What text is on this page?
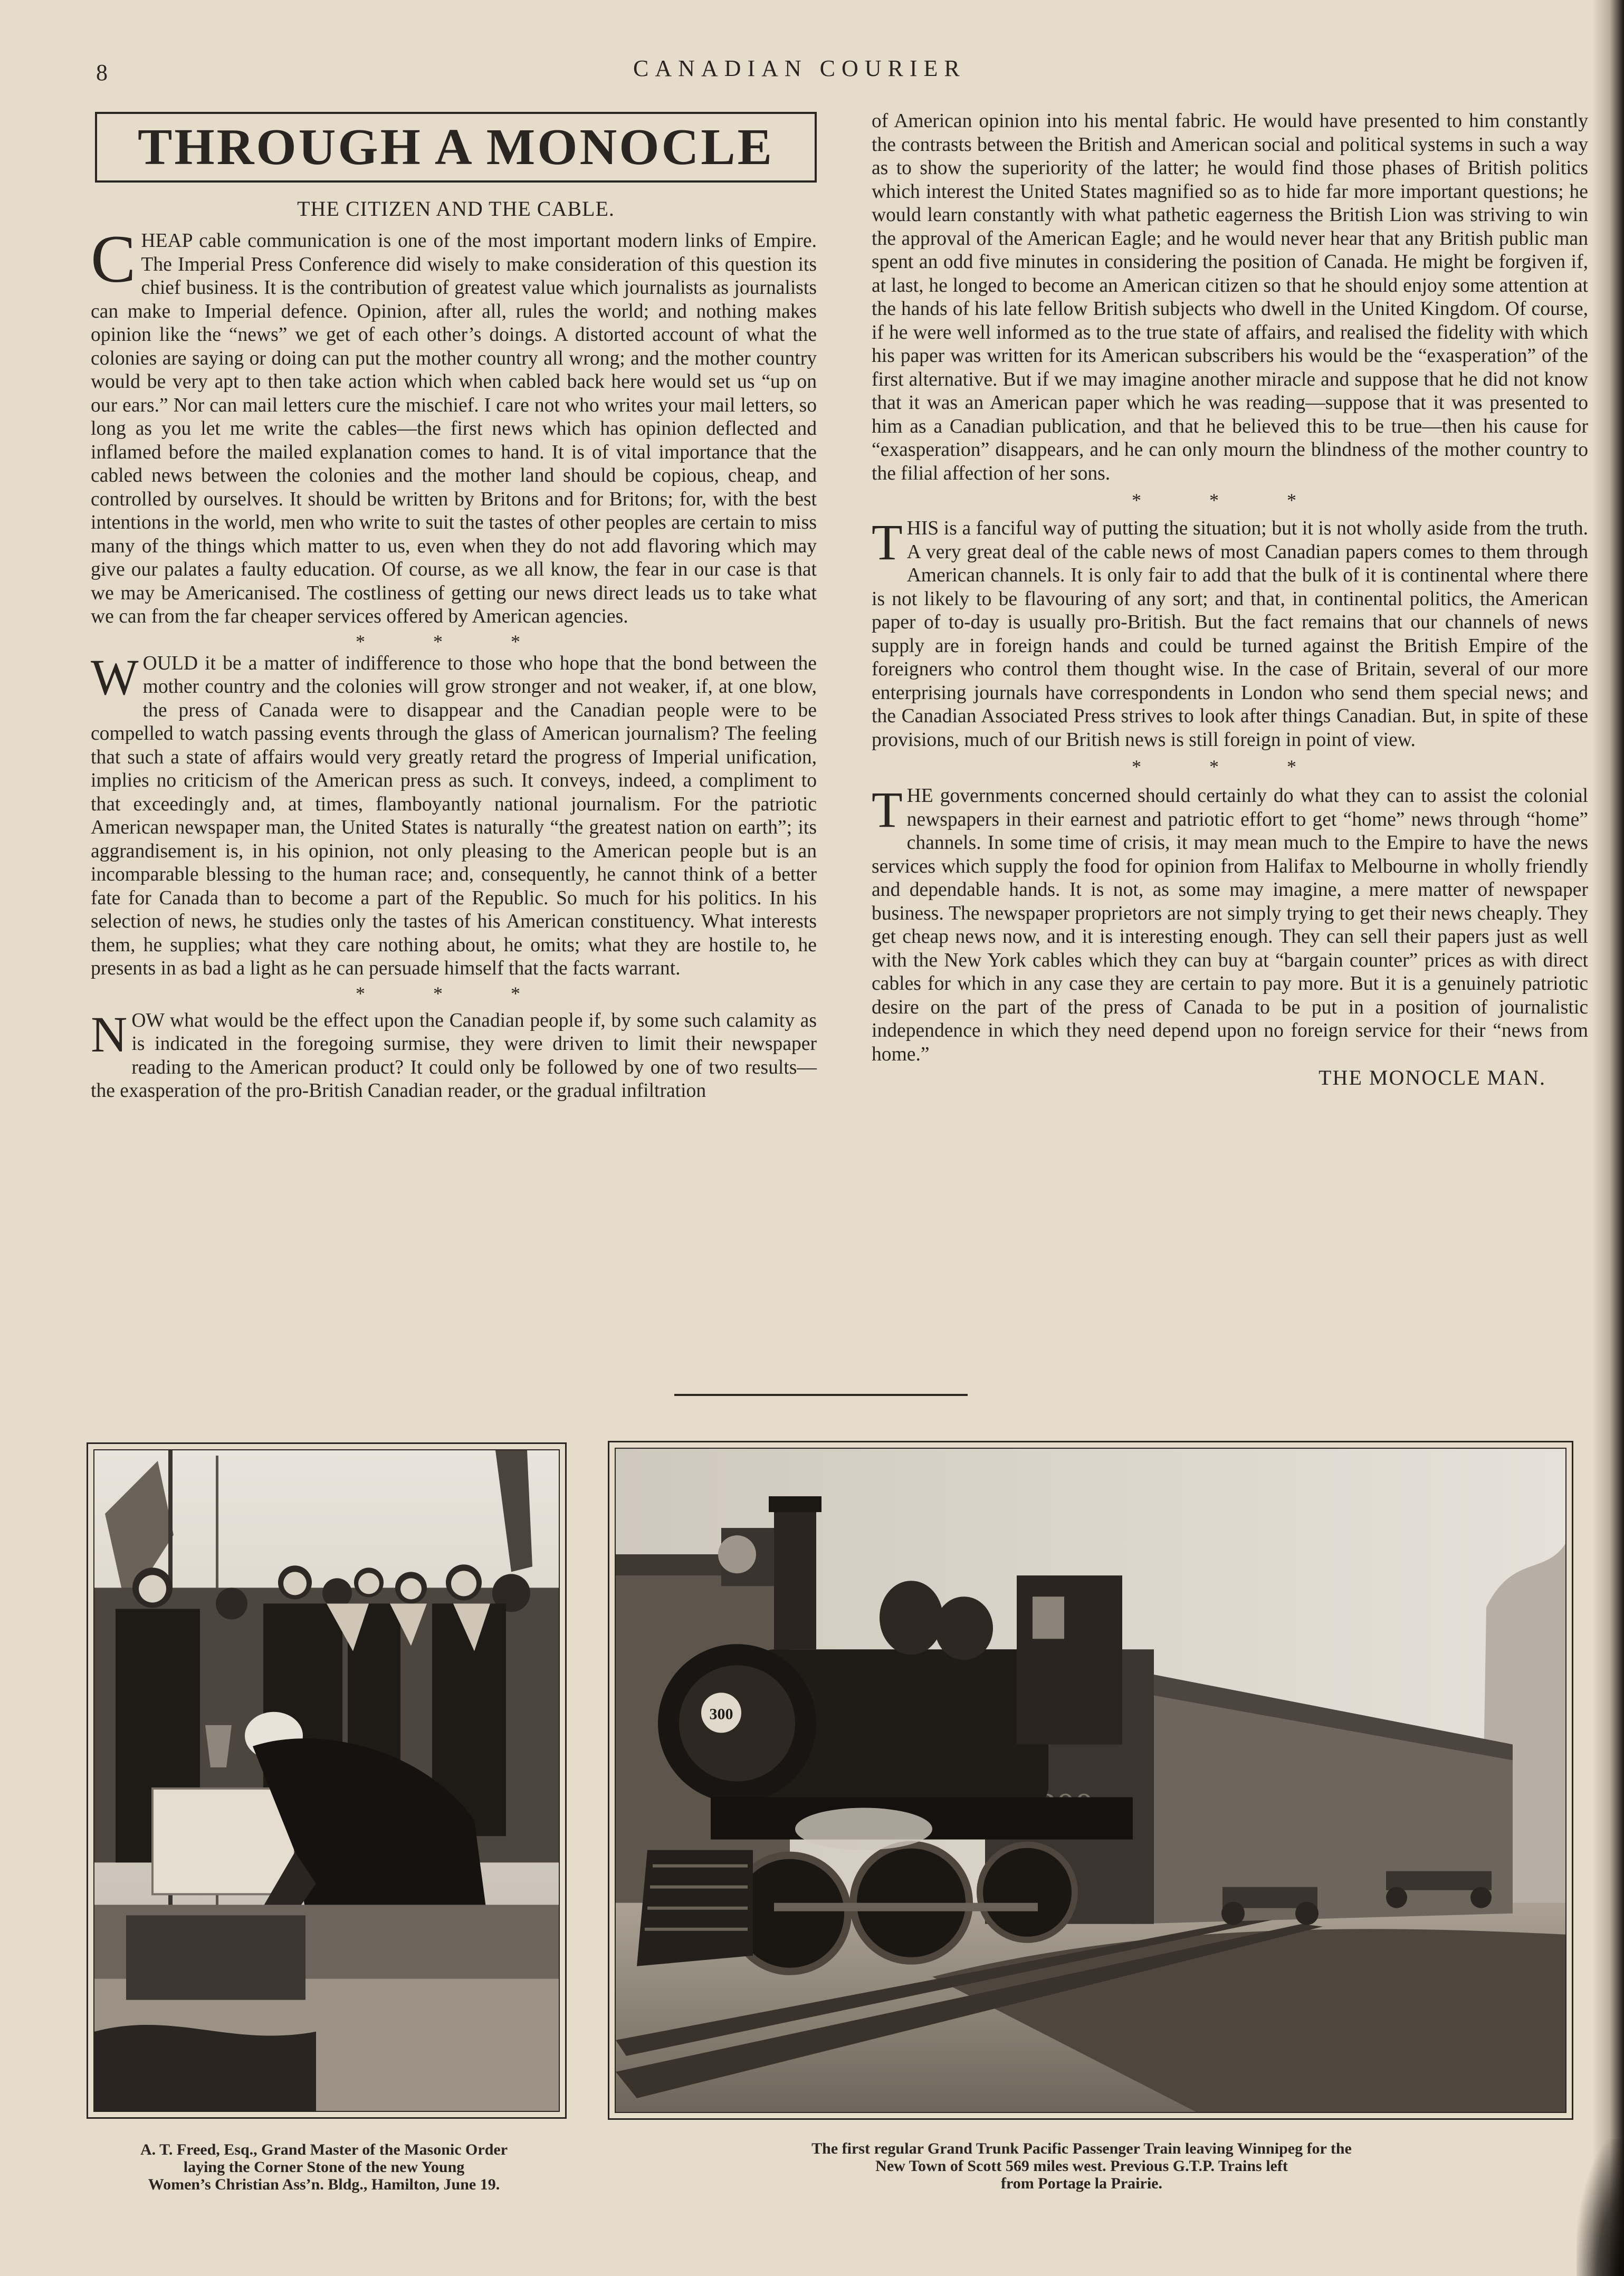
8	CANADIAN COURIER
THROUGH A MONOCLE
THE CITIZEN AND THE CABLE.

CHEAP cable communication is one of the most important modern links of Empire. The Imperial Press Conference did wisely to make consideration of this question its chief business. It is the contribution of greatest value which journalists as journalists can make to Imperial defence. Opinion, after all, rules the world; and nothing makes opinion like the “news” we get of each other’s doings. A distorted account of what the colonies are saying or doing can put the mother country all wrong; and the mother country would be very apt to then take action which when cabled back here would set us “up on our ears.” Nor can mail letters cure the mischief. I care not who writes your mail letters, so long as you let me write the cables—the first news which has opinion deflected and inflamed before the mailed explanation comes to hand. It is of vital importance that the cabled news between the colonies and the mother land should be copious, cheap, and controlled by ourselves. It should be written by Britons and for Britons; for, with the best intentions in the world, men who write to suit the tastes of other peoples are certain to miss many of the things which matter to us, even when they do not add flavoring which may give our palates a faulty education. Of course, as we all know, the fear in our case is that we may be Americanised. The costliness of getting our news direct leads us to take what we can from the far cheaper services offered by American agencies.

* * *

WOULD it be a matter of indifference to those who hope that the bond between the mother country and the colonies will grow stronger and not weaker, if, at one blow, the press of Canada were to disappear and the Canadian people were to be compelled to watch passing events through the glass of American journalism? The feeling that such a state of affairs would very greatly retard the progress of Imperial unification, implies no criticism of the American press as such. It conveys, indeed, a compliment to that exceedingly and, at times, flamboyantly national journalism. For the patriotic American newspaper man, the United States is naturally “the greatest nation on earth”; its aggrandisement is, in his opinion, not only pleasing to the American people but is an incomparable blessing to the human race; and, consequently, he cannot think of a better fate for Canada than to become a part of the Republic. So much for his politics. In his selection of news, he studies only the tastes of his American constituency. What interests them, he supplies; what they care nothing about, he omits; what they are hostile to, he presents in as bad a light as he can persuade himself that the facts warrant.

* * *

NOW what would be the effect upon the Canadian people if, by some such calamity as is indicated in the foregoing surmise, they were driven to limit their newspaper reading to the American product? It could only be followed by one of two results—the exasperation of the pro-British Canadian reader, or the gradual infiltration

of American opinion into his mental fabric. He would have presented to him constantly the contrasts between the British and American social and political systems in such a way as to show the superiority of the latter; he would find those phases of British politics which interest the United States magnified so as to hide far more important questions; he would learn constantly with what pathetic eagerness the British Lion was striving to win the approval of the American Eagle; and he would never hear that any British public man spent an odd five minutes in considering the position of Canada. He might be forgiven if, at last, he longed to become an American citizen so that he should enjoy some attention at the hands of his late fellow British subjects who dwell in the United Kingdom. Of course, if he were well informed as to the true state of affairs, and realised the fidelity with which his paper was written for its American subscribers his would be the “exasperation” of the first alternative. But if we may imagine another miracle and suppose that he did not know that it was an American paper which he was reading—suppose that it was presented to him as a Canadian publication, and that he believed this to be true—then his cause for “exasperation” disappears, and he can only mourn the blindness of the mother country to the filial affection of her sons.

* * *

THIS is a fanciful way of putting the situation; but it is not wholly aside from the truth. A very great deal of the cable news of most Canadian papers comes to them through American channels. It is only fair to add that the bulk of it is continental where there is not likely to be flavouring of any sort; and that, in continental politics, the American paper of to-day is usually pro-British. But the fact remains that our channels of news supply are in foreign hands and could be turned against the British Empire of the foreigners who control them thought wise. In the case of Britain, several of our more enterprising journals have correspondents in London who send them special news; and the Canadian Associated Press strives to look after things Canadian. But, in spite of these provisions, much of our British news is still foreign in point of view.

* * *

THE governments concerned should certainly do what they can to assist the colonial newspapers in their earnest and patriotic effort to get “home” news through “home” channels. In some time of crisis, it may mean much to the Empire to have the news services which supply the food for opinion from Halifax to Melbourne in wholly friendly and dependable hands. It is not, as some may imagine, a mere matter of newspaper business. The newspaper proprietors are not simply trying to get their news cheaply. They get cheap news now, and it is interesting enough. They can sell their papers just as well with the New York cables which they can buy at “bargain counter” prices as with direct cables for which in any case they are certain to pay more. But it is a genuinely patriotic desire on the part of the press of Canada to be put in a position of journalistic independence in which they need depend upon no foreign service for their “news from home.”

THE MONOCLE MAN.

300
A. T. Freed, Esq., Grand Master of the Masonic Order
laying the Corner Stone of the new Young
Women’s Christian Ass’n. Bldg., Hamilton, June 19.
The first regular Grand Trunk Pacific Passenger Train leaving Winnipeg for the
New Town of Scott 569 miles west. Previous G.T.P. Trains left
from Portage la Prairie.
